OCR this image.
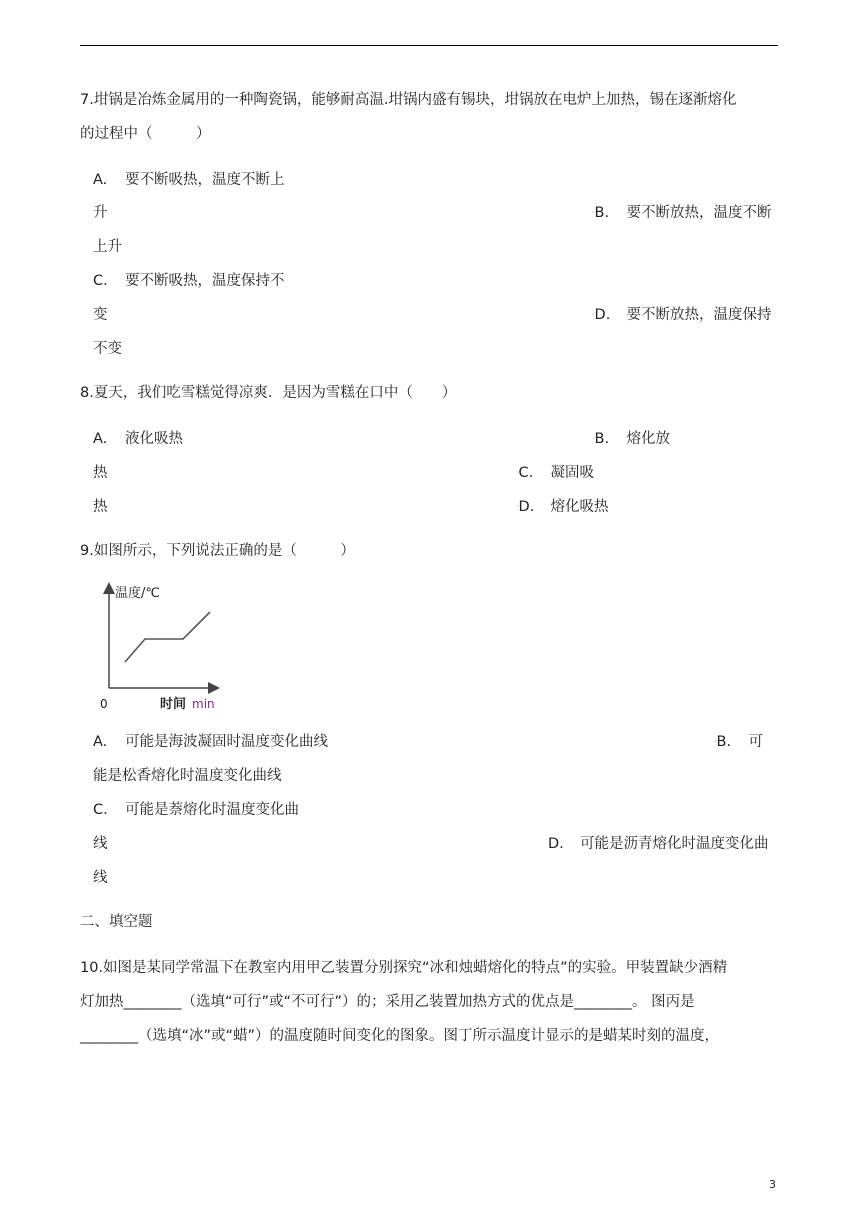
7.坩锅是冶炼金属用的一种陶瓷锅，能够耐高温.坩锅内盛有锡块，坩锅放在电炉上加热，锡在逐渐熔化
的过程中（　　　）
A. 要不断吸热，温度不断上
升	·B. 要不断放热，温度不断
上升
C. 要不断吸热，温度保持不
变	·D. 要不断放热，温度保持
不变
8.夏天，我们吃雪糕觉得凉爽．是因为雪糕在口中（　　）
A. 液化吸热	·B. 熔化放
热	·C. 凝固吸
热	·D. 熔化吸热
9.如图所示，下列说法正确的是（　　　）
温度/℃
0	时间 min
A. 可能是海波凝固时温度变化曲线	·B. 可
能是松香熔化时温度变化曲线
C. 可能是萘熔化时温度变化曲
线	D. 可能是沥青熔化时温度变化曲
线
二、填空题
10.如图是某同学常温下在教室内用甲乙装置分别探究“冰和烛蜡熔化的特点”的实验。甲装置缺少酒精
灯加热________（选填“可行”或“不可行”）的；采用乙装置加热方式的优点是________。 图丙是
________（选填“冰”或“蜡”）的温度随时间变化的图象。图丁所示温度计显示的是蜡某时刻的温度，
3
